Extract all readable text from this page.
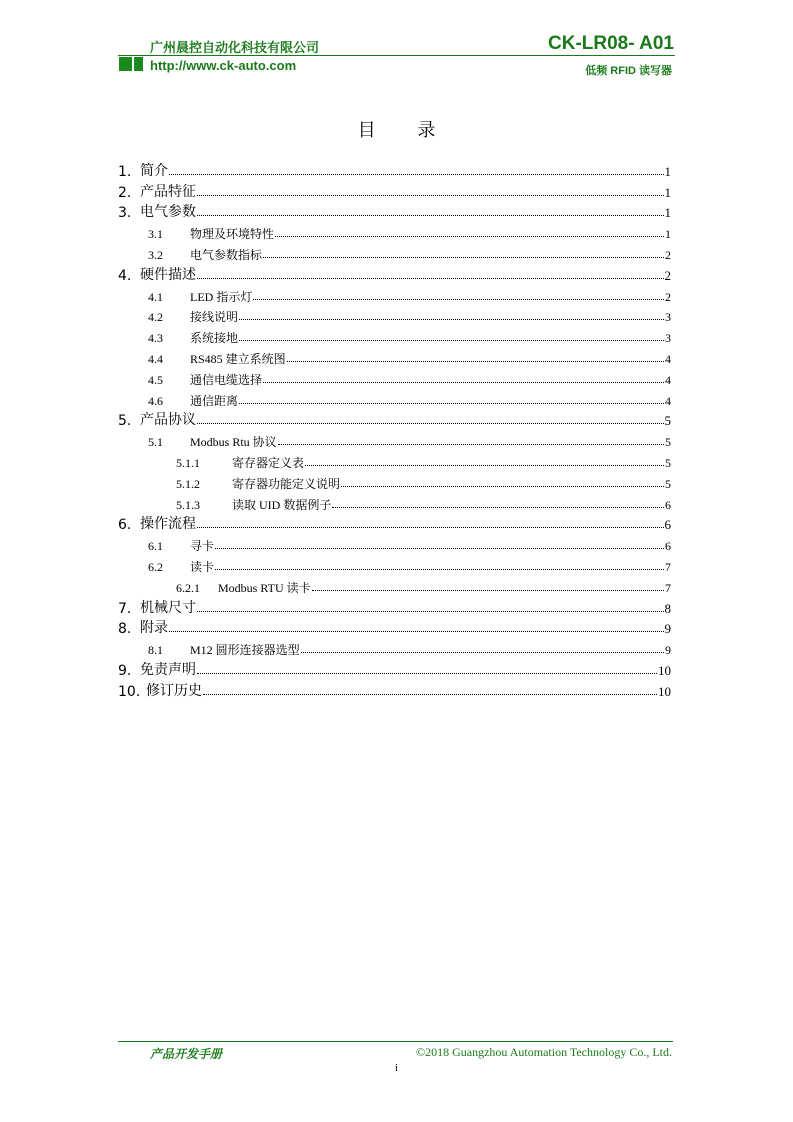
广州晨控自动化科技有限公司	CK-LR08- A01
http://www.ck-auto.com	低频 RFID 读写器
目 录
1. 简介	1
2. 产品特征	1
3. 电气参数	1
3.1	物理及环境特性	1
3.2	电气参数指标	2
4. 硬件描述	2
4.1	LED 指示灯	2
4.2	接线说明	3
4.3	系统接地	3
4.4	RS485 建立系统图	4
4.5	通信电缆选择	4
4.6	通信距离	4
5. 产品协议	5
5.1	Modbus Rtu 协议	5
5.1.1	寄存器定义表	5
5.1.2	寄存器功能定义说明	5
5.1.3	读取 UID 数据例子	6
6. 操作流程	6
6.1	寻卡	6
6.2	读卡	7
6.2.1	Modbus RTU 读卡	7
7. 机械尺寸	8
8. 附录	9
8.1	M12 圆形连接器选型	9
9. 免责声明	10
10. 修订历史	10
产品开发手册	©2018 Guangzhou Automation Technology Co., Ltd.
i
